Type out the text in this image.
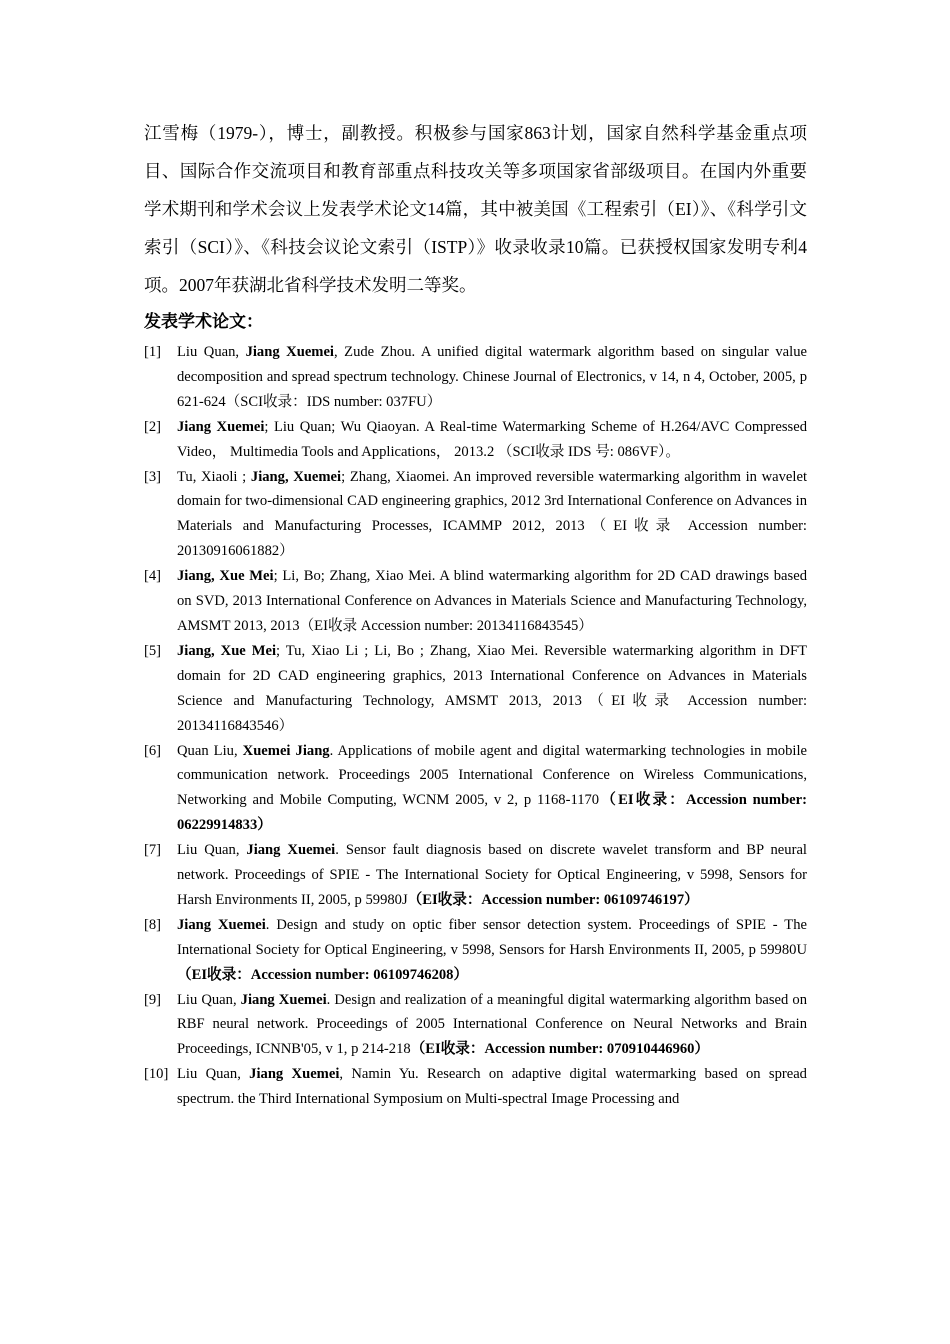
江雪梅（1979-），博士，副教授。积极参与国家863计划，国家自然科学基金重点项目、国际合作交流项目和教育部重点科技攻关等多项国家省部级项目。在国内外重要学术期刊和学术会议上发表学术论文14篇，其中被美国《工程索引（EI）》、《科学引文索引（SCI）》、《科技会议论文索引（ISTP）》收录收录10篇。已获授权国家发明专利4项。2007年获湖北省科学技术发明二等奖。
发表学术论文：
[1] Liu Quan, Jiang Xuemei, Zude Zhou. A unified digital watermark algorithm based on singular value decomposition and spread spectrum technology. Chinese Journal of Electronics, v 14, n 4, October, 2005, p 621-624（SCI收录：IDS number: 037FU）
[2] Jiang Xuemei; Liu Quan; Wu Qiaoyan. A Real-time Watermarking Scheme of H.264/AVC Compressed Video， Multimedia Tools and Applications， 2013.2 （SCI收录 IDS 号: 086VF）。
[3] Tu, Xiaoli ; Jiang, Xuemei; Zhang, Xiaomei. An improved reversible watermarking algorithm in wavelet domain for two-dimensional CAD engineering graphics, 2012 3rd International Conference on Advances in Materials and Manufacturing Processes, ICAMMP 2012, 2013（EI收录 Accession number: 20130916061882）
[4] Jiang, Xue Mei; Li, Bo; Zhang, Xiao Mei. A blind watermarking algorithm for 2D CAD drawings based on SVD, 2013 International Conference on Advances in Materials Science and Manufacturing Technology, AMSMT 2013, 2013（EI收录 Accession number: 20134116843545）
[5] Jiang, Xue Mei; Tu, Xiao Li ; Li, Bo ; Zhang, Xiao Mei. Reversible watermarking algorithm in DFT domain for 2D CAD engineering graphics, 2013 International Conference on Advances in Materials Science and Manufacturing Technology, AMSMT 2013, 2013（EI收录 Accession number: 20134116843546）
[6] Quan Liu, Xuemei Jiang. Applications of mobile agent and digital watermarking technologies in mobile communication network. Proceedings 2005 International Conference on Wireless Communications, Networking and Mobile Computing, WCNM 2005, v 2, p 1168-1170（EI收录：Accession number: 06229914833）
[7] Liu Quan, Jiang Xuemei. Sensor fault diagnosis based on discrete wavelet transform and BP neural network. Proceedings of SPIE - The International Society for Optical Engineering, v 5998, Sensors for Harsh Environments II, 2005, p 59980J（EI收录：Accession number: 06109746197）
[8] Jiang Xuemei. Design and study on optic fiber sensor detection system. Proceedings of SPIE - The International Society for Optical Engineering, v 5998, Sensors for Harsh Environments II, 2005, p 59980U（EI收录：Accession number: 06109746208）
[9] Liu Quan, Jiang Xuemei. Design and realization of a meaningful digital watermarking algorithm based on RBF neural network. Proceedings of 2005 International Conference on Neural Networks and Brain Proceedings, ICNNB'05, v 1, p 214-218（EI收录：Accession number: 070910446960）
[10] Liu Quan, Jiang Xuemei, Namin Yu. Research on adaptive digital watermarking based on spread spectrum. the Third International Symposium on Multi-spectral Image Processing and
